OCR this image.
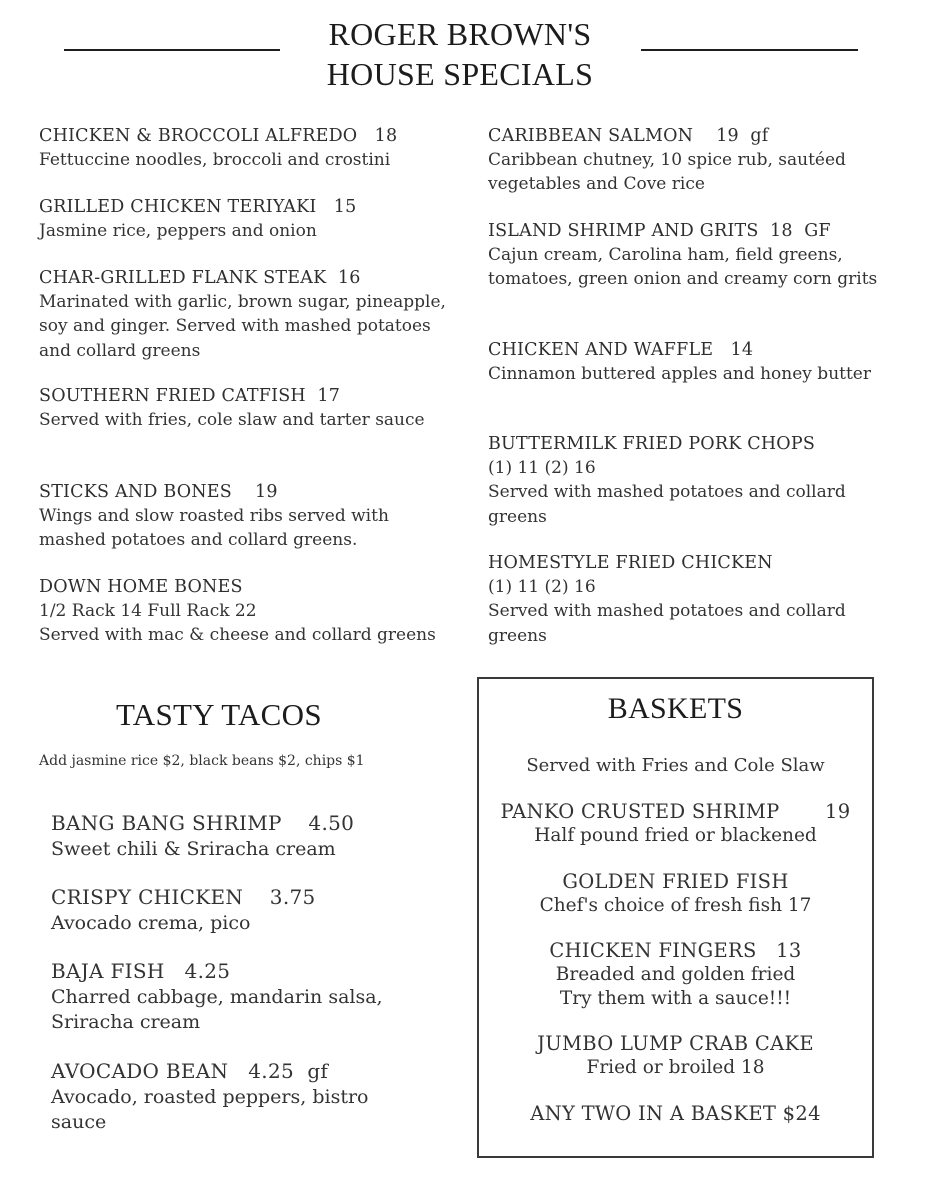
ROGER BROWN'S
HOUSE SPECIALS
CHICKEN & BROCCOLI ALFREDO   18
Fettuccine noodles, broccoli and crostini
GRILLED CHICKEN TERIYAKI   15
Jasmine rice, peppers and onion
CHAR-GRILLED FLANK STEAK  16
Marinated with garlic, brown sugar, pineapple, soy and ginger. Served with mashed potatoes and collard greens
SOUTHERN FRIED CATFISH  17
Served with fries, cole slaw and tarter sauce
STICKS AND BONES    19
Wings and slow roasted ribs served with mashed potatoes and collard greens.
DOWN HOME BONES
1/2 Rack 14 Full Rack 22
Served with mac & cheese and collard greens
CARIBBEAN SALMON    19  gf
Caribbean chutney, 10 spice rub, sautéed vegetables and Cove rice
ISLAND SHRIMP AND GRITS  18  GF
Cajun cream, Carolina ham, field greens, tomatoes, green onion and creamy corn grits
CHICKEN AND WAFFLE   14
Cinnamon buttered apples and honey butter
BUTTERMILK FRIED PORK CHOPS
(1) 11 (2) 16
Served with mashed potatoes and collard greens
HOMESTYLE FRIED CHICKEN
(1) 11 (2) 16
Served with mashed potatoes and collard greens
TASTY TACOS
Add jasmine rice $2, black beans $2, chips $1
BANG BANG SHRIMP    4.50
Sweet chili & Sriracha cream
CRISPY CHICKEN    3.75
Avocado crema, pico
BAJA FISH   4.25
Charred cabbage, mandarin salsa, Sriracha cream
AVOCADO BEAN   4.25  gf
Avocado, roasted peppers, bistro sauce
BASKETS
Served with Fries and Cole Slaw
PANKO CRUSTED SHRIMP       19
Half pound fried or blackened
GOLDEN FRIED FISH
Chef's choice of fresh fish 17
CHICKEN FINGERS   13
Breaded and golden fried
Try them with a sauce!!!
JUMBO LUMP CRAB CAKE
Fried or broiled 18
ANY TWO IN A BASKET $24
